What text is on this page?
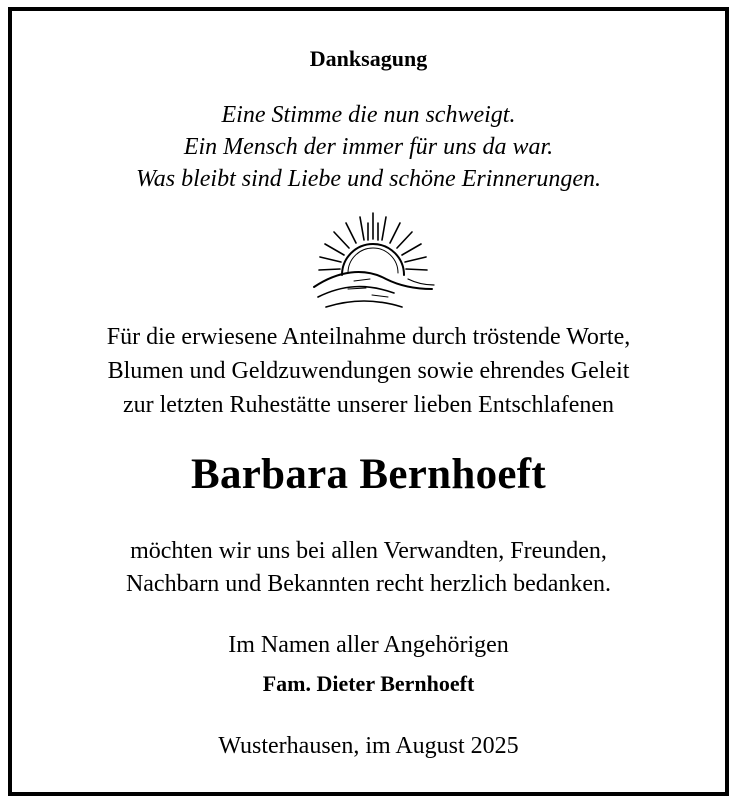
Danksagung
Eine Stimme die nun schweigt.
Ein Mensch der immer für uns da war.
Was bleibt sind Liebe und schöne Erinnerungen.
Für die erwiesene Anteilnahme durch tröstende Worte,
Blumen und Geldzuwendungen sowie ehrendes Geleit
zur letzten Ruhestätte unserer lieben Entschlafenen
Barbara Bernhoeft
möchten wir uns bei allen Verwandten, Freunden,
Nachbarn und Bekannten recht herzlich bedanken.
Im Namen aller Angehörigen
Fam. Dieter Bernhoeft
Wusterhausen, im August 2025
